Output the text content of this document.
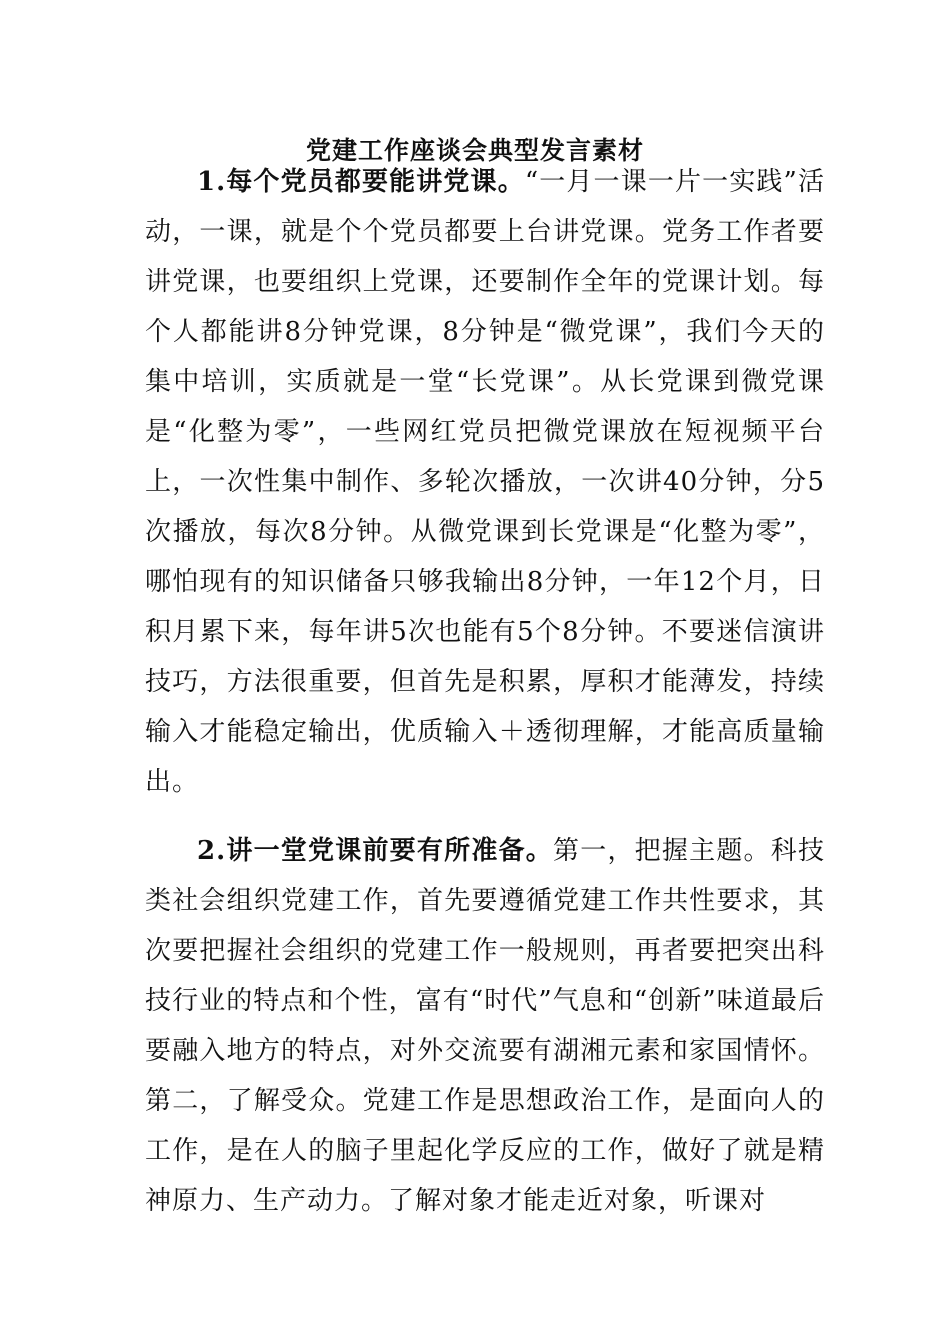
党建工作座谈会典型发言素材

1.每个党员都要能讲党课。“一月一课一片一实践”活动，一课，就是个个党员都要上台讲党课。党务工作者要讲党课，也要组织上党课，还要制作全年的党课计划。每个人都能讲8分钟党课，8分钟是“微党课”，我们今天的集中培训，实质就是一堂“长党课”。从长党课到微党课是“化整为零”，一些网红党员把微党课放在短视频平台上，一次性集中制作、多轮次播放，一次讲40分钟，分5次播放，每次8分钟。从微党课到长党课是“化整为零”，哪怕现有的知识储备只够我输出8分钟，一年12个月，日积月累下来，每年讲5次也能有5个8分钟。不要迷信演讲技巧，方法很重要，但首先是积累，厚积才能薄发，持续输入才能稳定输出，优质输入＋透彻理解，才能高质量输出。

2.讲一堂党课前要有所准备。第一，把握主题。科技类社会组织党建工作，首先要遵循党建工作共性要求，其次要把握社会组织的党建工作一般规则，再者要把突出科技行业的特点和个性，富有“时代”气息和“创新”味道最后要融入地方的特点，对外交流要有湖湘元素和家国情怀。第二，了解受众。党建工作是思想政治工作，是面向人的工作，是在人的脑子里起化学反应的工作，做好了就是精神原力、生产动力。了解对象才能走近对象，听课对
